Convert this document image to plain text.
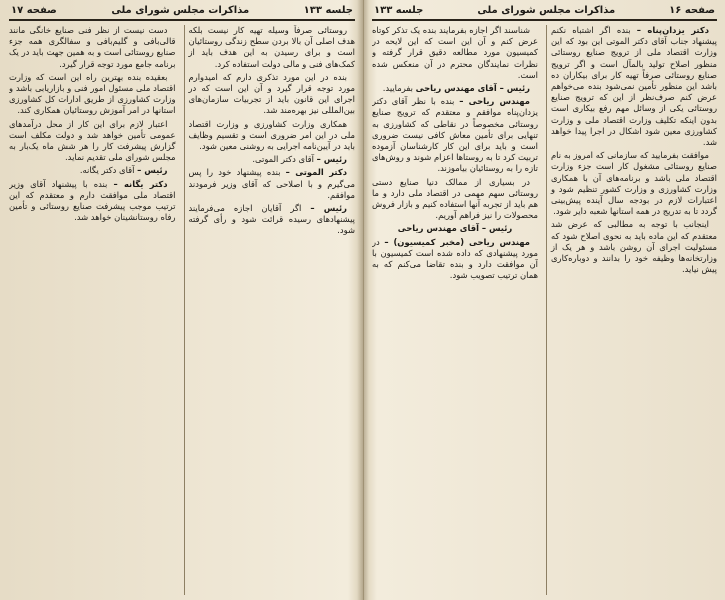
صفحه ۱۶
مذاکرات مجلس شورای ملی
جلسه ۱۳۳

دکتر یزدان‌پناه – بنده اگر اشتباه نکنم پیشنهاد جناب آقای دکتر الموتی این بود که این وزارت اقتصاد ملی از ترویج صنایع روستائی منظور اصلاح تولید بالمآل است و اگر ترویج صنایع روستائی صرفاً تهیه کار برای بیکاران ده باشد این منظور تأمین نمی‌شود بنده می‌خواهم عرض کنم صرف‌نظر از این که ترویج صنایع روستائی یکی از وسائل مهم رفع بیکاری است بدون اینکه تکلیف وزارت اقتصاد ملی و وزارت کشاورزی معین شود اشکال در اجرا پیدا خواهد شد.

موافقت بفرمایید که سازمانی که امروز به نام صنایع روستائی مشغول کار است جزء وزارت اقتصاد ملی باشد و برنامه‌های آن با همکاری وزارت کشاورزی و وزارت کشور تنظیم شود و اعتبارات لازم در بودجه سال آینده پیش‌بینی گردد تا به تدریج در همه استانها شعبه دایر شود.

اینجانب با توجه به مطالبی که عرض شد معتقدم که این ماده باید به نحوی اصلاح شود که مسئولیت اجرای آن روشن باشد و هر یک از وزارتخانه‌ها وظیفه خود را بدانند و دوباره‌کاری پیش نیاید.

شناسند اگر اجازه بفرمایند بنده یک تذکر کوتاه عرض کنم و آن این است که این لایحه در کمیسیون مورد مطالعه دقیق قرار گرفته و نظرات نمایندگان محترم در آن منعکس شده است.

رئیس – آقای مهندس ریاحی بفرمایید.

مهندس ریاحی – بنده با نظر آقای دکتر یزدان‌پناه موافقم و معتقدم که ترویج صنایع روستائی مخصوصاً در نقاطی که کشاورزی به تنهایی برای تأمین معاش کافی نیست ضروری است و باید برای این کار کارشناسان آزموده تربیت کرد تا به روستاها اعزام شوند و روش‌های تازه را به روستائیان بیاموزند.

در بسیاری از ممالک دنیا صنایع دستی روستائی سهم مهمی در اقتصاد ملی دارد و ما هم باید از تجربه آنها استفاده کنیم و بازار فروش محصولات را نیز فراهم آوریم.

رئیس – آقای مهندس ریاحی

مهندس ریاحی (مخبر کمیسیون) – در مورد پیشنهادی که داده شده است کمیسیون با آن موافقت دارد و بنده تقاضا می‌کنم که به همان ترتیب تصویب شود.

جلسه ۱۳۳
مذاکرات مجلس شورای ملی
صفحه ۱۷

روستائی صرفاً وسیله تهیه کار نیست بلکه هدف اصلی آن بالا بردن سطح زندگی روستائیان است و برای رسیدن به این هدف باید از کمک‌های فنی و مالی دولت استفاده کرد.

بنده در این مورد تذکری دارم که امیدوارم مورد توجه قرار گیرد و آن این است که در اجرای این قانون باید از تجربیات سازمان‌های بین‌المللی نیز بهره‌مند شد.

همکاری وزارت کشاورزی و وزارت اقتصاد ملی در این امر ضروری است و تقسیم وظایف باید در آیین‌نامه اجرایی به روشنی معین شود.

رئیس – آقای دکتر الموتی.

دکتر الموتی – بنده پیشنهاد خود را پس می‌گیرم و با اصلاحی که آقای وزیر فرمودند موافقم.

رئیس – اگر آقایان اجازه می‌فرمایند پیشنهادهای رسیده قرائت شود و رأی گرفته شود.

دست نیست از نظر فنی صنایع خانگی مانند قالی‌بافی و گلیم‌بافی و سفالگری همه جزء صنایع روستائی است و به همین جهت باید در یک برنامه جامع مورد توجه قرار گیرد.

بعقیده بنده بهترین راه این است که وزارت اقتصاد ملی مسئول امور فنی و بازاریابی باشد و وزارت کشاورزی از طریق ادارات کل کشاورزی استانها در امر آموزش روستائیان همکاری کند.

اعتبار لازم برای این کار از محل درآمدهای عمومی تأمین خواهد شد و دولت مکلف است گزارش پیشرفت کار را هر شش ماه یک‌بار به مجلس شورای ملی تقدیم نماید.

رئیس – آقای دکتر یگانه.

دکتر یگانه – بنده با پیشنهاد آقای وزیر اقتصاد ملی موافقت دارم و معتقدم که این ترتیب موجب پیشرفت صنایع روستائی و تأمین رفاه روستانشینان خواهد شد.
